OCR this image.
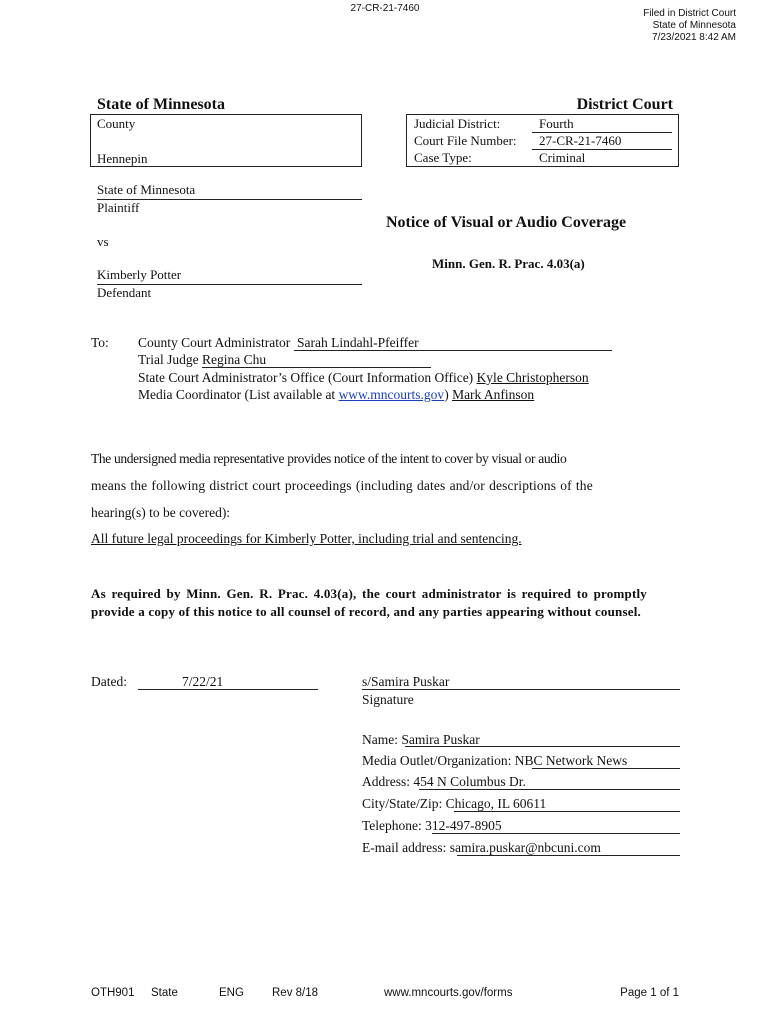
27-CR-21-7460	Filed in District Court
State of Minnesota
7/23/2021 8:42 AM
State of Minnesota	District Court
County
Hennepin
Judicial District:	Fourth
Court File Number: 27-CR-21-7460
Case Type:	Criminal
State of Minnesota
Plaintiff
vs
Kimberly Potter
Defendant
Notice of Visual or Audio Coverage
Minn. Gen. R. Prac. 4.03(a)
To: County Court Administrator Sarah Lindahl-Pfeiffer
Trial Judge Regina Chu
State Court Administrator’s Office (Court Information Office) Kyle Christopherson
Media Coordinator (List available at www.mncourts.gov) Mark Anfinson
The undersigned media representative provides notice of the intent to cover by visual or audio
means the following district court proceedings (including dates and/or descriptions of the
hearing(s) to be covered):
All future legal proceedings for Kimberly Potter, including trial and sentencing.
As required by Minn. Gen. R. Prac. 4.03(a), the court administrator is required to promptly provide a copy of this notice to all counsel of record, and any parties appearing without counsel.
Dated:	7/22/21	s/Samira Puskar
Signature
Name: Samira Puskar
Media Outlet/Organization: NBC Network News
Address: 454 N Columbus Dr.
City/State/Zip: Chicago, IL 60611
Telephone: 312-497-8905
E-mail address: samira.puskar@nbcuni.com
OTH901 State	ENG Rev 8/18	www.mncourts.gov/forms	Page 1 of 1
